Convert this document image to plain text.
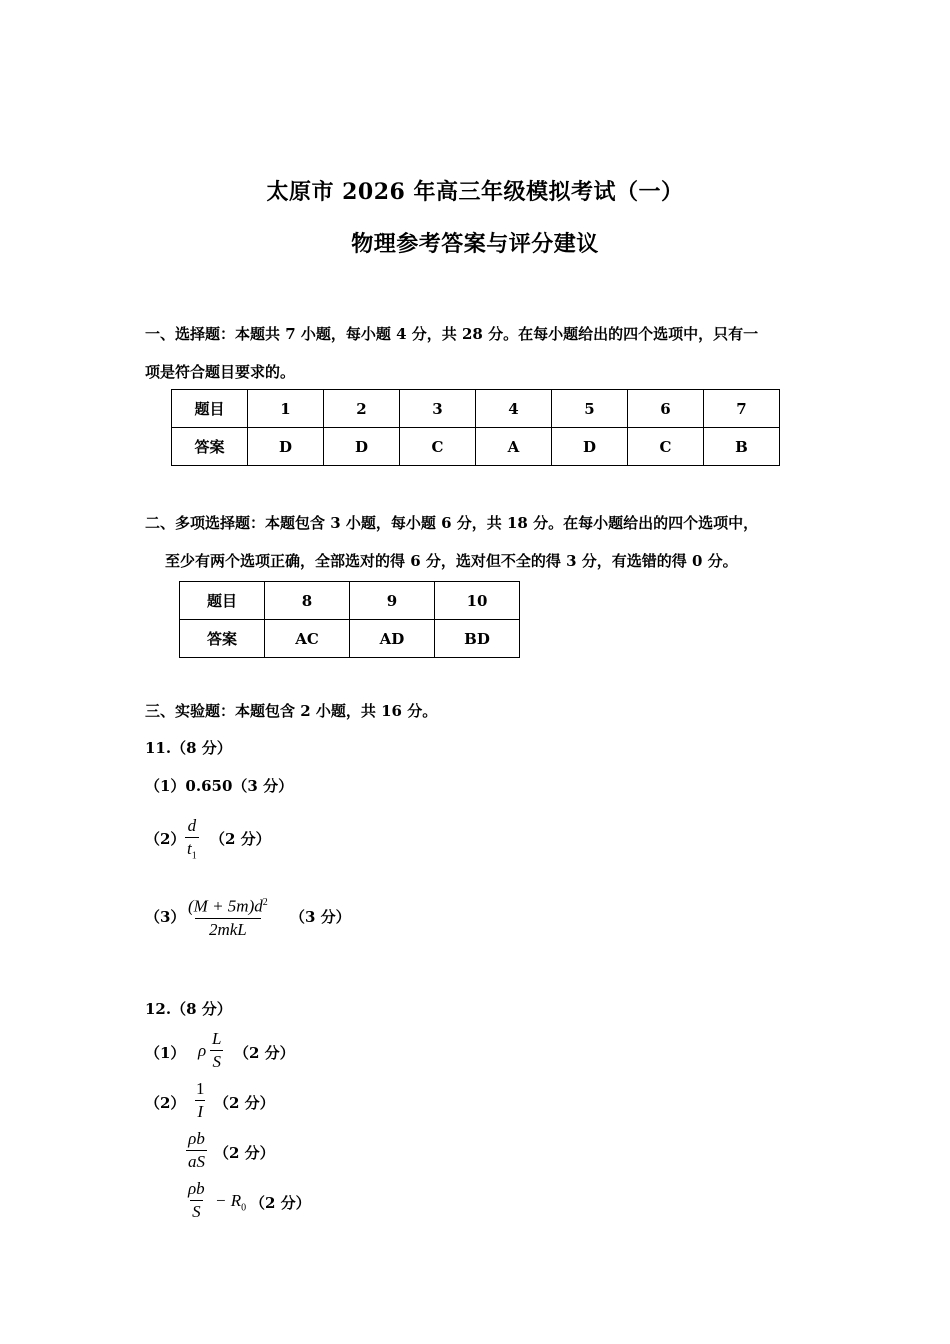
太原市 2026 年高三年级模拟考试（一）
物理参考答案与评分建议
一、选择题：本题共 7 小题，每小题 4 分，共 28 分。在每小题给出的四个选项中，只有一
项是符合题目要求的。
题目	1	2	3	4	5	6	7
答案	D	D	C	A	D	C	B
二、多项选择题：本题包含 3 小题，每小题 6 分，共 18 分。在每小题给出的四个选项中，
至少有两个选项正确，全部选对的得 6 分，选对但不全的得 3 分，有选错的得 0 分。
题目	8	9	10
答案	AC	AD	BD
三、实验题：本题包含 2 小题，共 16 分。
11.（8 分）
（1）0.650（3 分）
$(2) \frac{d}{t_1} (2$ 分）
（3）
$(M + 5m)d^2$
2mkL
（3 分）
12.（8 分）
（1） ρ $\frac{L}{S} (2$ 分）
$(2) \frac{1}{I} (2$ 分）
$\frac{\rho b}{aS} (2$ 分）
$\frac{\rho b}{S} - R_0$ （2 分）
